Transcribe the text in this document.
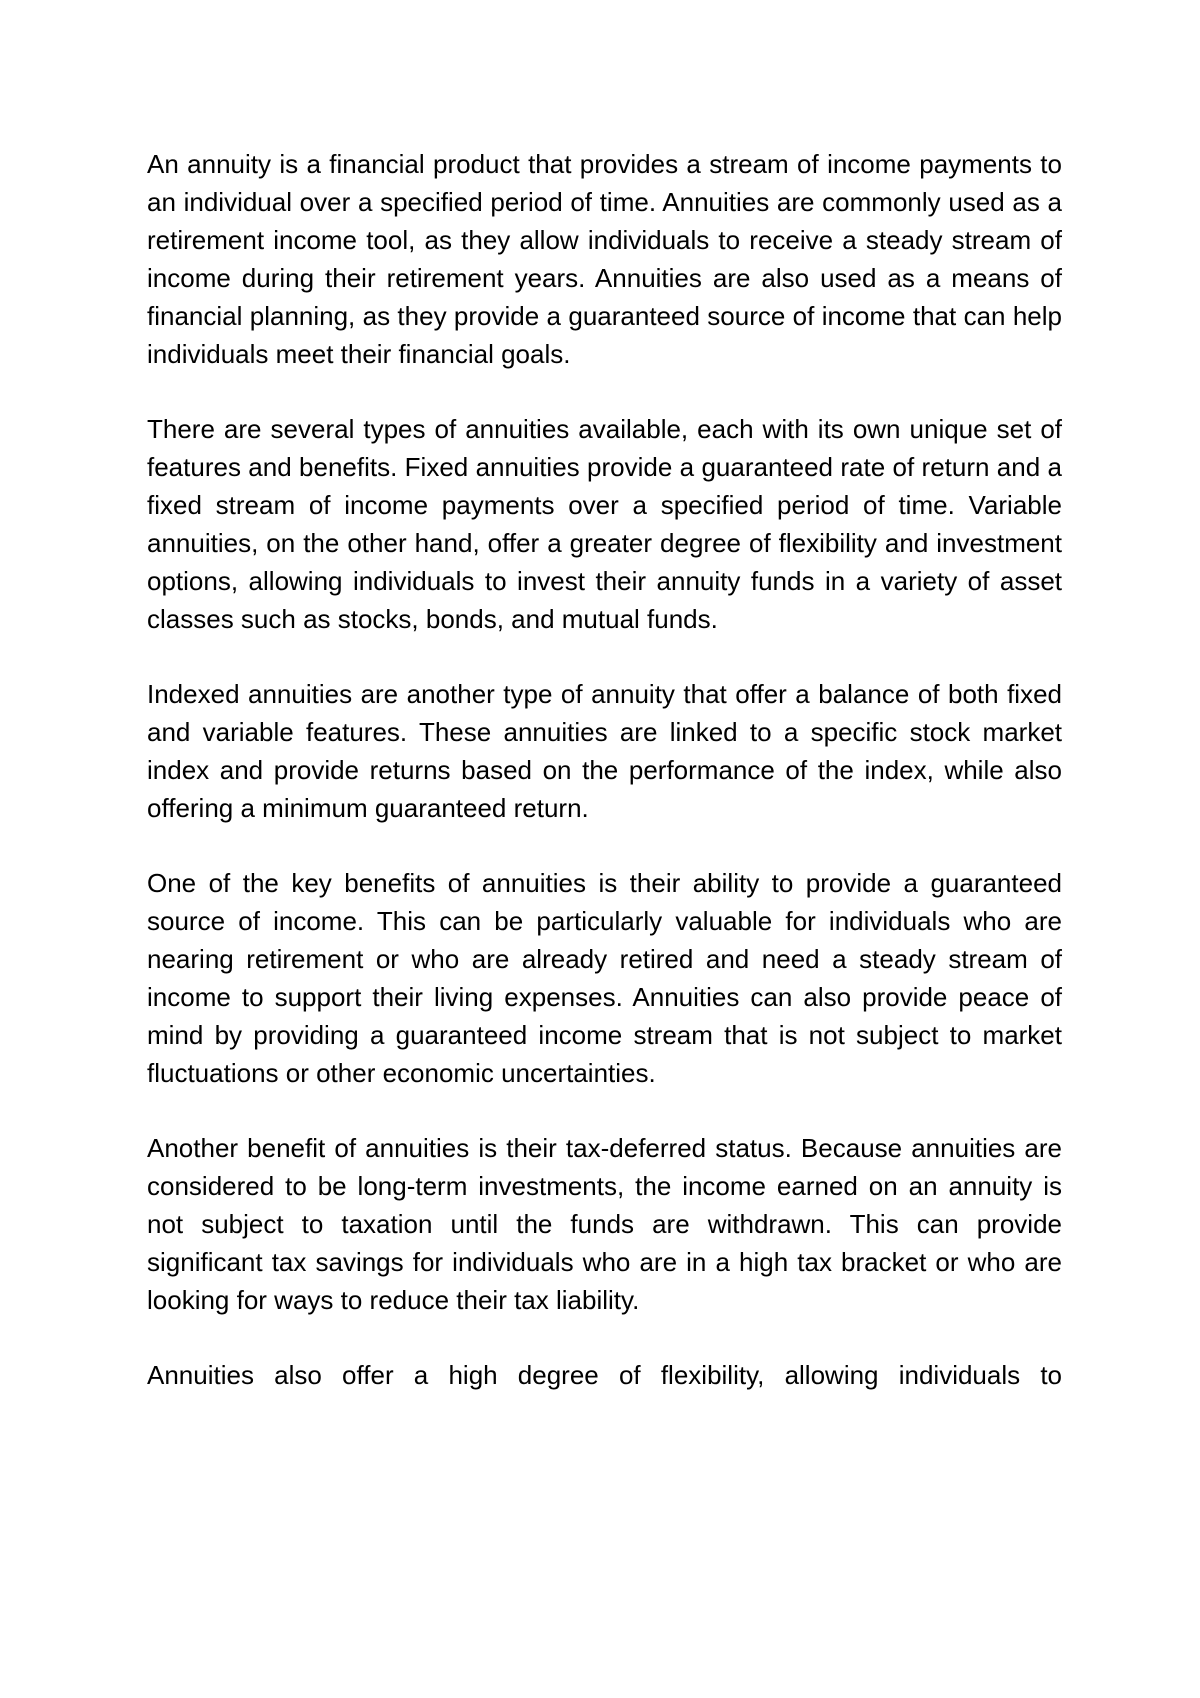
An annuity is a financial product that provides a stream of income payments to an individual over a specified period of time. Annuities are commonly used as a retirement income tool, as they allow individuals to receive a steady stream of income during their retirement years. Annuities are also used as a means of financial planning, as they provide a guaranteed source of income that can help individuals meet their financial goals.

There are several types of annuities available, each with its own unique set of features and benefits. Fixed annuities provide a guaranteed rate of return and a fixed stream of income payments over a specified period of time. Variable annuities, on the other hand, offer a greater degree of flexibility and investment options, allowing individuals to invest their annuity funds in a variety of asset classes such as stocks, bonds, and mutual funds.

Indexed annuities are another type of annuity that offer a balance of both fixed and variable features. These annuities are linked to a specific stock market index and provide returns based on the performance of the index, while also offering a minimum guaranteed return.

One of the key benefits of annuities is their ability to provide a guaranteed source of income. This can be particularly valuable for individuals who are nearing retirement or who are already retired and need a steady stream of income to support their living expenses. Annuities can also provide peace of mind by providing a guaranteed income stream that is not subject to market fluctuations or other economic uncertainties.

Another benefit of annuities is their tax-deferred status. Because annuities are considered to be long-term investments, the income earned on an annuity is not subject to taxation until the funds are withdrawn. This can provide significant tax savings for individuals who are in a high tax bracket or who are looking for ways to reduce their tax liability.

Annuities also offer a high degree of flexibility, allowing individuals to
